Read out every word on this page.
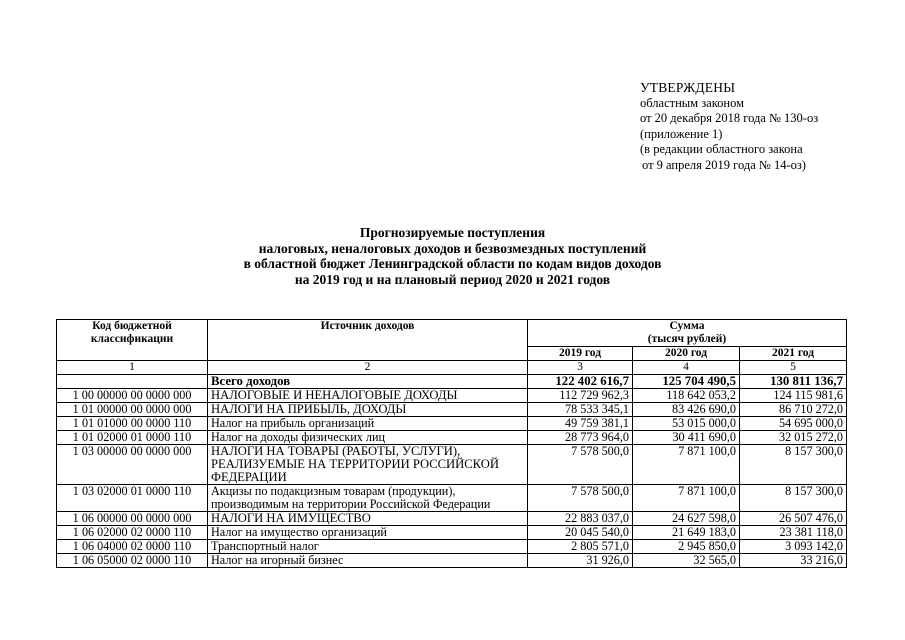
УТВЕРЖДЕНЫ
областным законом
от 20 декабря 2018 года № 130-оз
(приложение 1)
(в редакции областного закона
от 9 апреля 2019 года № 14-оз)
Прогнозируемые поступления
налоговых, неналоговых доходов и безвозмездных поступлений
в областной бюджет Ленинградской области по кодам видов доходов
на 2019 год и на плановый период 2020 и 2021 годов
Код бюджетной классификации	Источник доходов	Сумма
(тысяч рублей)		

		2019 год	2020 год	2021 год
1	2	3	4	5
	Всего доходов	122 402 616,7	125 704 490,5	130 811 136,7
1 00 00000 00 0000 000	НАЛОГОВЫЕ И НЕНАЛОГОВЫЕ ДОХОДЫ	112 729 962,3	118 642 053,2	124 115 981,6
1 01 00000 00 0000 000	НАЛОГИ НА ПРИБЫЛЬ, ДОХОДЫ	78 533 345,1	83 426 690,0	86 710 272,0
1 01 01000 00 0000 110	Налог на прибыль организаций	49 759 381,1	53 015 000,0	54 695 000,0
1 01 02000 01 0000 110	Налог на доходы физических лиц	28 773 964,0	30 411 690,0	32 015 272,0
1 03 00000 00 0000 000	НАЛОГИ НА ТОВАРЫ (РАБОТЫ, УСЛУГИ), РЕАЛИЗУЕМЫЕ НА ТЕРРИТОРИИ РОССИЙСКОЙ ФЕДЕРАЦИИ	7 578 500,0	7 871 100,0	8 157 300,0
1 03 02000 01 0000 110	Акцизы по подакцизным товарам (продукции), производимым на территории Российской Федерации	7 578 500,0	7 871 100,0	8 157 300,0
1 06 00000 00 0000 000	НАЛОГИ НА ИМУЩЕСТВО	22 883 037,0	24 627 598,0	26 507 476,0
1 06 02000 02 0000 110	Налог на имущество организаций	20 045 540,0	21 649 183,0	23 381 118,0
1 06 04000 02 0000 110	Транспортный налог	2 805 571,0	2 945 850,0	3 093 142,0
1 06 05000 02 0000 110	Налог на игорный бизнес	31 926,0	32 565,0	33 216,0
